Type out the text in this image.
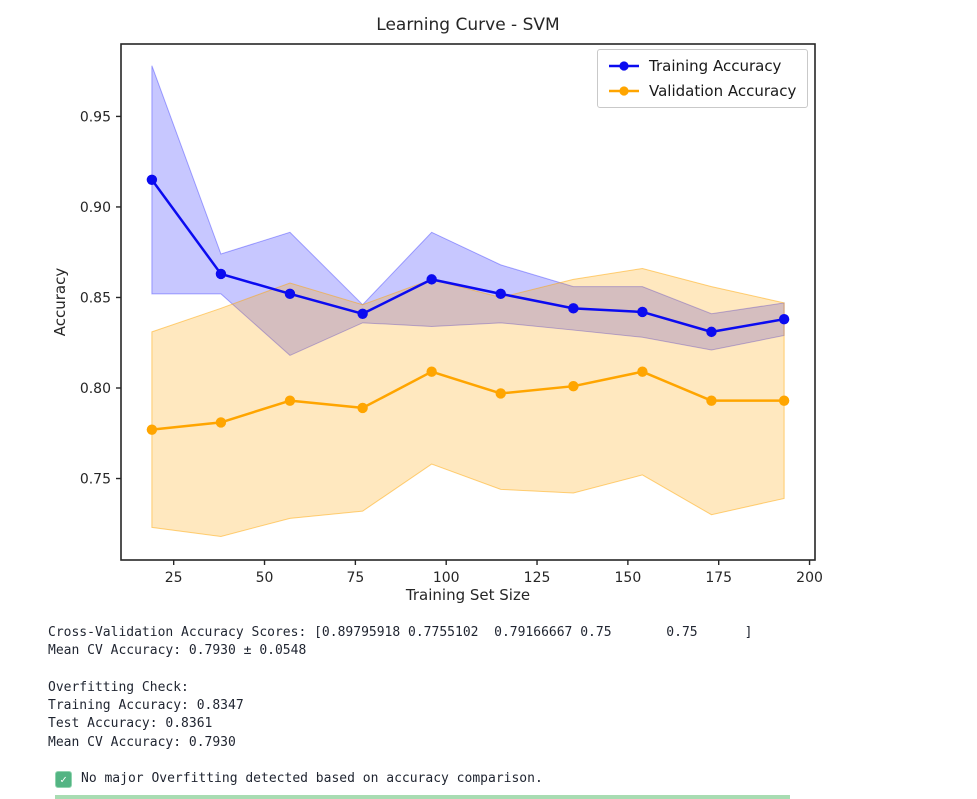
25	50	75	100	125	150	175	200
0.75
0.80
0.85
0.90
0.95
Learning Curve - SVM
Accuracy
Training Set Size
Training Accuracy
Validation Accuracy
Cross-Validation Accuracy Scores: [0.89795918 0.7755102  0.79166667 0.75       0.75      ]
Mean CV Accuracy: 0.7930 ± 0.0548

Overfitting Check:
Training Accuracy: 0.8347
Test Accuracy: 0.8361
Mean CV Accuracy: 0.7930

✓	No major Overfitting detected based on accuracy comparison.
